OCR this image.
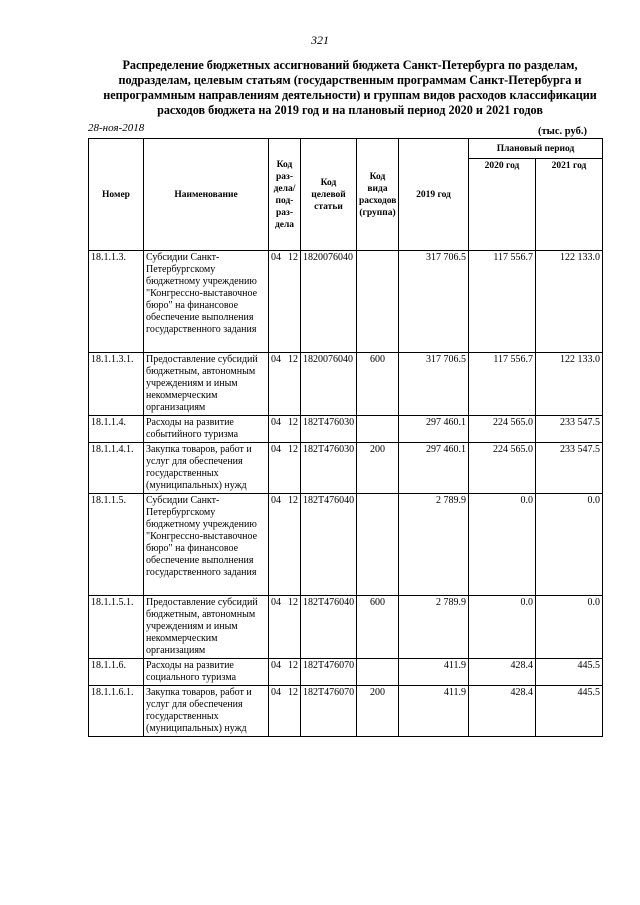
321
Распределение бюджетных ассигнований бюджета Санкт-Петербурга по разделам, подразделам, целевым статьям (государственным программам Санкт-Петербурга и непрограммным направлениям деятельности) и группам видов расходов классификации расходов бюджета на 2019 год и на плановый период 2020 и 2021 годов
28-ноя-2018	(тыс. руб.)
Номер	Наименование	Код раз- дела/ под- раз- дела	Код целевой статьи	Код вида расходов (группа)	2019 год	Плановый период	
						2020 год	2021 год
18.1.1.3.	Субсидии Санкт-Петербургскому бюджетному учреждению "Конгрессно-выставочное бюро" на финансовое обеспечение выполнения государственного задания	04 12	1820076040		317 706.5	117 556.7	122 133.0
18.1.1.3.1.	Предоставление субсидий бюджетным, автономным учреждениям и иным некоммерческим организациям	04 12	1820076040	600	317 706.5	117 556.7	122 133.0
18.1.1.4.	Расходы на развитие событийного туризма	04 12	182Т476030		297 460.1	224 565.0	233 547.5
18.1.1.4.1.	Закупка товаров, работ и услуг для обеспечения государственных (муниципальных) нужд	04 12	182Т476030	200	297 460.1	224 565.0	233 547.5
18.1.1.5.	Субсидии Санкт-Петербургскому бюджетному учреждению "Конгрессно-выставочное бюро" на финансовое обеспечение выполнения государственного задания	04 12	182Т476040		2 789.9	0.0	0.0
18.1.1.5.1.	Предоставление субсидий бюджетным, автономным учреждениям и иным некоммерческим организациям	04 12	182Т476040	600	2 789.9	0.0	0.0
18.1.1.6.	Расходы на развитие социального туризма	04 12	182Т476070		411.9	428.4	445.5
18.1.1.6.1.	Закупка товаров, работ и услуг для обеспечения государственных (муниципальных) нужд	04 12	182Т476070	200	411.9	428.4	445.5
